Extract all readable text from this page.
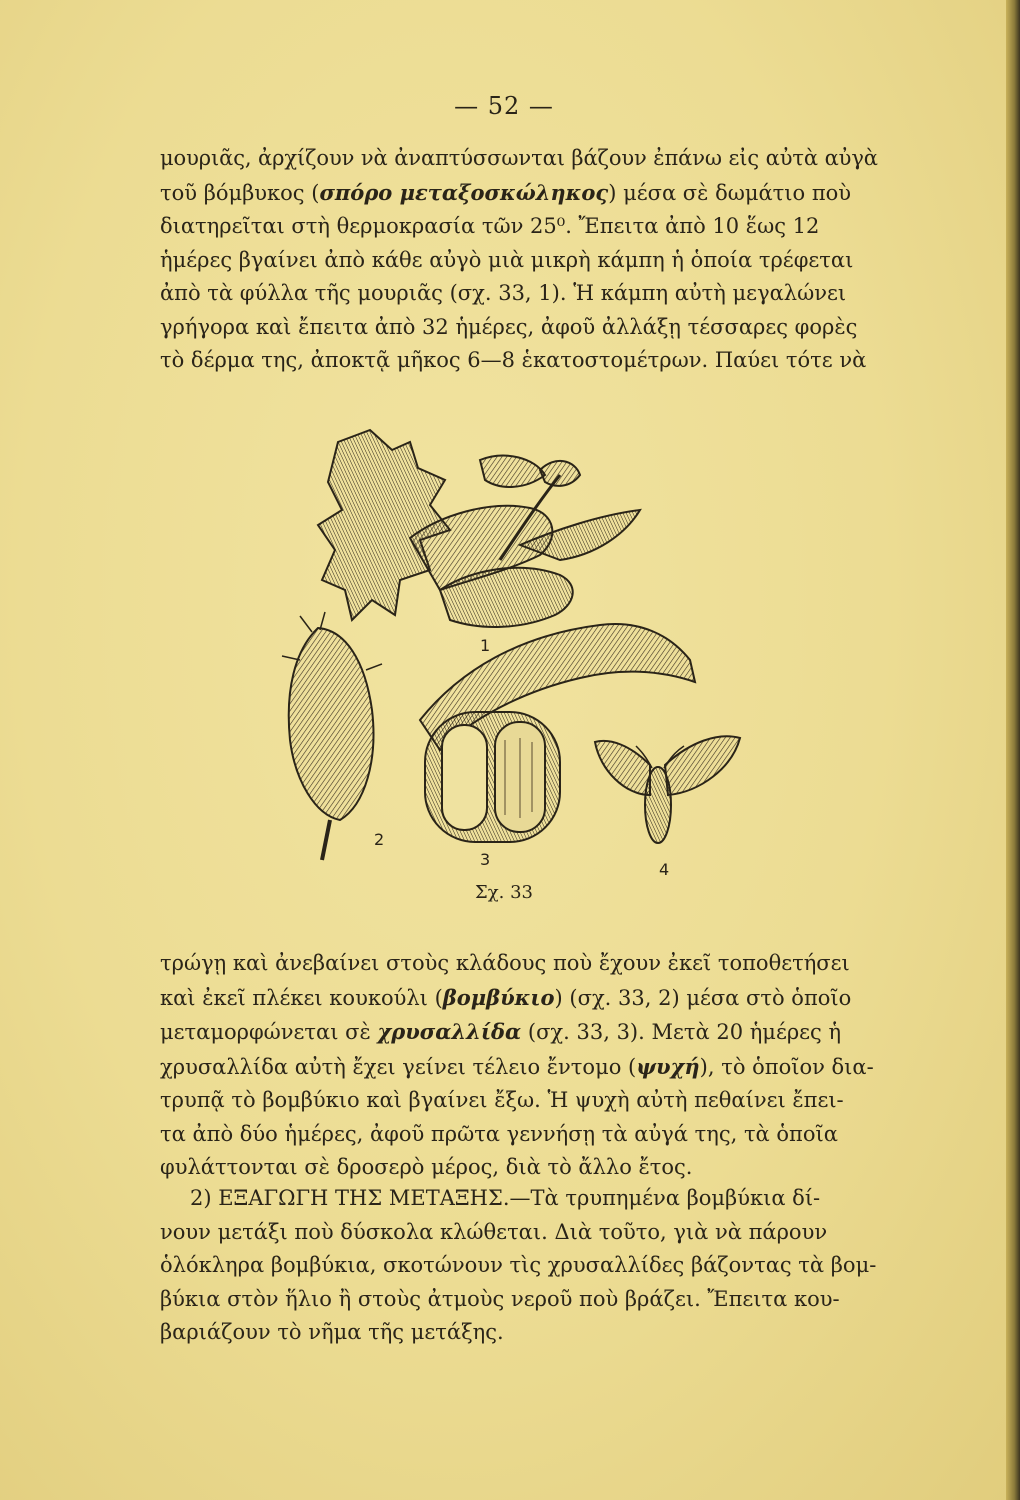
— 52 —
μουριᾶς, ἀρχίζουν νὰ ἀναπτύσσωνται βάζουν ἐπάνω εἰς αὐτὰ αὐγὰ
τοῦ βόμβυκος (σπόρο μεταξοσκώληκος) μέσα σὲ δωμάτιο ποὺ
διατηρεῖται στὴ θερμοκρασία τῶν 25⁰. Ἔπειτα ἀπὸ 10 ἕως 12
ἡμέρες βγαίνει ἀπὸ κάθε αὐγὸ μιὰ μικρὴ κάμπη ἡ ὁποία τρέφεται
ἀπὸ τὰ φύλλα τῆς μουριᾶς (σχ. 33, 1). Ἡ κάμπη αὐτὴ μεγαλώνει
γρήγορα καὶ ἔπειτα ἀπὸ 32 ἡμέρες, ἀφοῦ ἀλλάξῃ τέσσαρες φορὲς
τὸ δέρμα της, ἀποκτᾷ μῆκος 6—8 ἑκατοστομέτρων. Παύει τότε νὰ
1
2
3
4
Σχ. 33
τρώγῃ καὶ ἀνεβαίνει στοὺς κλάδους ποὺ ἔχουν ἐκεῖ τοποθετήσει
καὶ ἐκεῖ πλέκει κουκούλι (βομβύκιο) (σχ. 33, 2) μέσα στὸ ὁποῖο
μεταμορφώνεται σὲ χρυσαλλίδα (σχ. 33, 3). Μετὰ 20 ἡμέρες ἡ
χρυσαλλίδα αὐτὴ ἔχει γείνει τέλειο ἔντομο (ψυχή), τὸ ὁποῖον δια-
τρυπᾷ τὸ βομβύκιο καὶ βγαίνει ἔξω. Ἡ ψυχὴ αὐτὴ πεθαίνει ἔπει-
τα ἀπὸ δύο ἡμέρες, ἀφοῦ πρῶτα γεννήσῃ τὰ αὐγά της, τὰ ὁποῖα
φυλάττονται σὲ δροσερὸ μέρος, διὰ τὸ ἄλλο ἔτος.
2) ΕΞΑΓΩΓΗ ΤΗΣ ΜΕΤΑΞΗΣ.—Τὰ τρυπημένα βομβύκια δί-
νουν μετάξι ποὺ δύσκολα κλώθεται. Διὰ τοῦτο, γιὰ νὰ πάρουν
ὁλόκληρα βομβύκια, σκοτώνουν τὶς χρυσαλλίδες βάζοντας τὰ βομ-
βύκια στὸν ἥλιο ἢ στοὺς ἀτμοὺς νεροῦ ποὺ βράζει. Ἔπειτα κου-
βαριάζουν τὸ νῆμα τῆς μετάξης.
